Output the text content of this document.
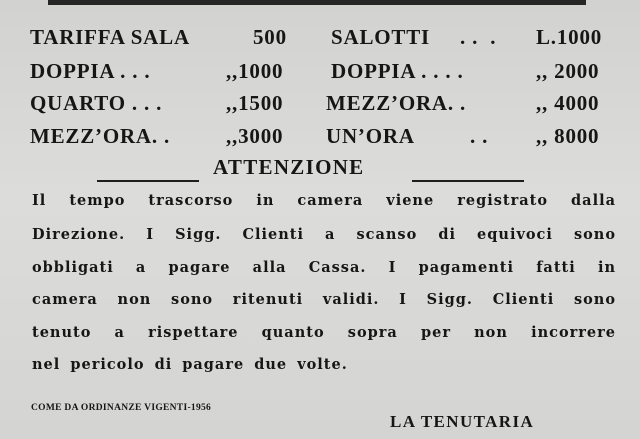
TARIFFA SALA	500 SALOTTI . .  . L.1000
DOPPIA . . .	,,1000 DOPPIA . . . .	,, 2000
QUARTO . . .	,,1500 MEZZ’ORA. .	,, 4000
MEZZ’ORA. .	,,3000 UN’ORA	. . ,, 8000
ATTENZIONE
Il tempo trascorso in camera viene registrato dalla
Direzione. I Sigg. Clienti a scanso di equivoci sono
obbligati a pagare alla Cassa. I pagamenti fatti in
camera non sono ritenuti validi. I Sigg. Clienti sono
tenuto a rispettare quanto sopra per non incorrere
nel pericolo di pagare due volte.
COME DA ORDINANZE VIGENTI-1956
LA TENUTARIA
